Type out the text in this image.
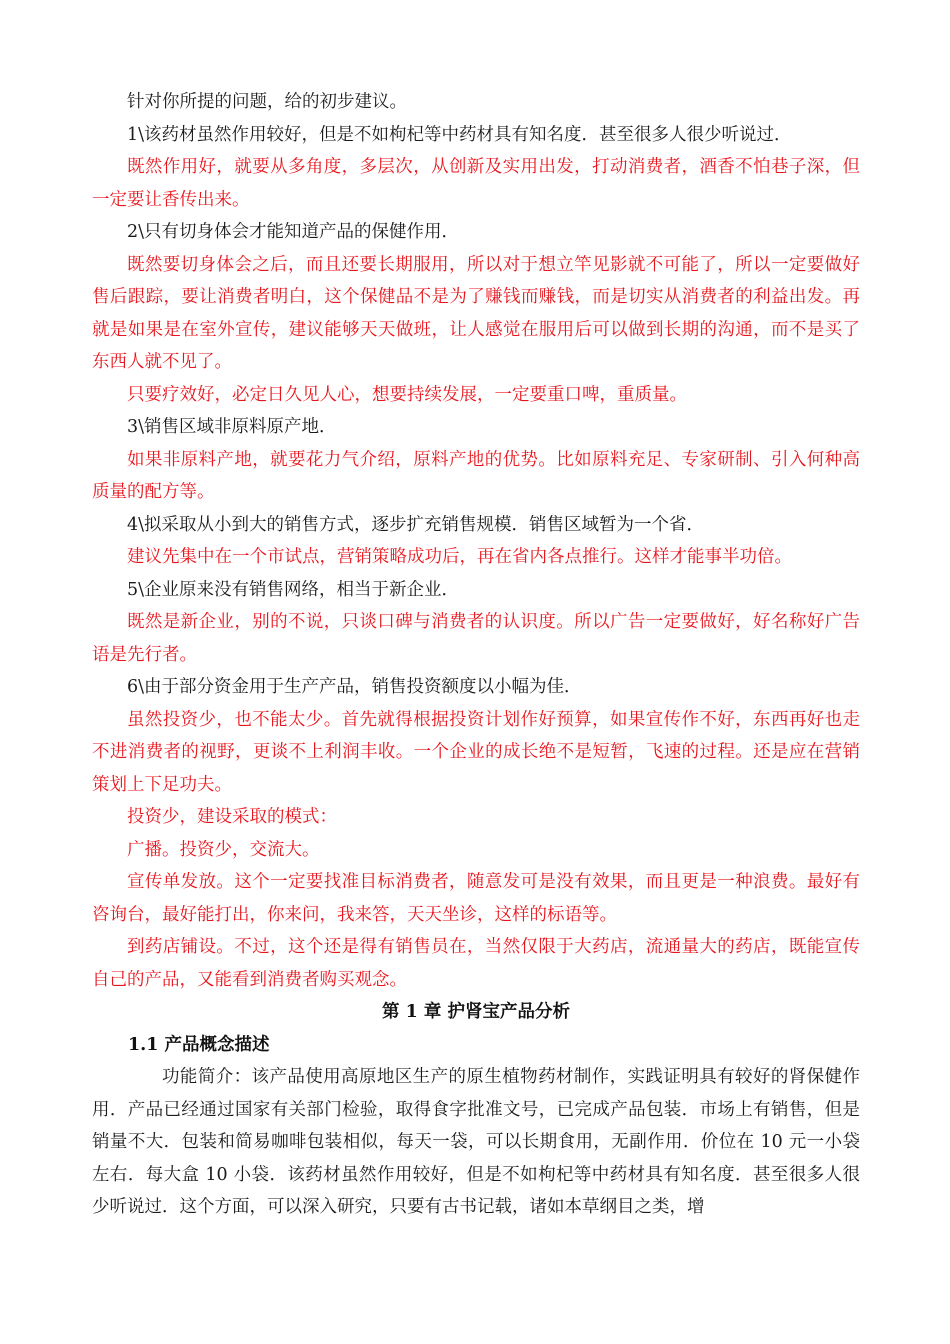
针对你所提的问题，给的初步建议。

1\该药材虽然作用较好，但是不如枸杞等中药材具有知名度．甚至很多人很少听说过．

既然作用好，就要从多角度，多层次，从创新及实用出发，打动消费者，酒香不怕巷子深，但一定要让香传出来。

2\只有切身体会才能知道产品的保健作用．

既然要切身体会之后，而且还要长期服用，所以对于想立竿见影就不可能了，所以一定要做好售后跟踪，要让消费者明白，这个保健品不是为了赚钱而赚钱，而是切实从消费者的利益出发。再就是如果是在室外宣传，建议能够天天做班，让人感觉在服用后可以做到长期的沟通，而不是买了东西人就不见了。

只要疗效好，必定日久见人心，想要持续发展，一定要重口啤，重质量。

3\销售区域非原料原产地．

如果非原料产地，就要花力气介绍，原料产地的优势。比如原料充足、专家研制、引入何种高质量的配方等。

4\拟采取从小到大的销售方式，逐步扩充销售规模．销售区域暂为一个省．

建议先集中在一个市试点，营销策略成功后，再在省内各点推行。这样才能事半功倍。

5\企业原来没有销售网络，相当于新企业．

既然是新企业，别的不说，只谈口碑与消费者的认识度。所以广告一定要做好，好名称好广告语是先行者。

6\由于部分资金用于生产产品，销售投资额度以小幅为佳．

虽然投资少，也不能太少。首先就得根据投资计划作好预算，如果宣传作不好，东西再好也走不进消费者的视野，更谈不上利润丰收。一个企业的成长绝不是短暂，飞速的过程。还是应在营销策划上下足功夫。

投资少，建设采取的模式：

广播。投资少，交流大。

宣传单发放。这个一定要找准目标消费者，随意发可是没有效果，而且更是一种浪费。最好有咨询台，最好能打出，你来问，我来答，天天坐诊，这样的标语等。

到药店铺设。不过，这个还是得有销售员在，当然仅限于大药店，流通量大的药店，既能宣传自己的产品，又能看到消费者购买观念。

第 1 章 护肾宝产品分析

1.1 产品概念描述

功能简介：该产品使用高原地区生产的原生植物药材制作，实践证明具有较好的肾保健作用．产品已经通过国家有关部门检验，取得食字批准文号，已完成产品包装．市场上有销售，但是销量不大．包装和简易咖啡包装相似，每天一袋，可以长期食用，无副作用．价位在 10 元一小袋左右．每大盒 10 小袋．该药材虽然作用较好，但是不如枸杞等中药材具有知名度．甚至很多人很少听说过．这个方面，可以深入研究，只要有古书记载，诸如本草纲目之类，增
